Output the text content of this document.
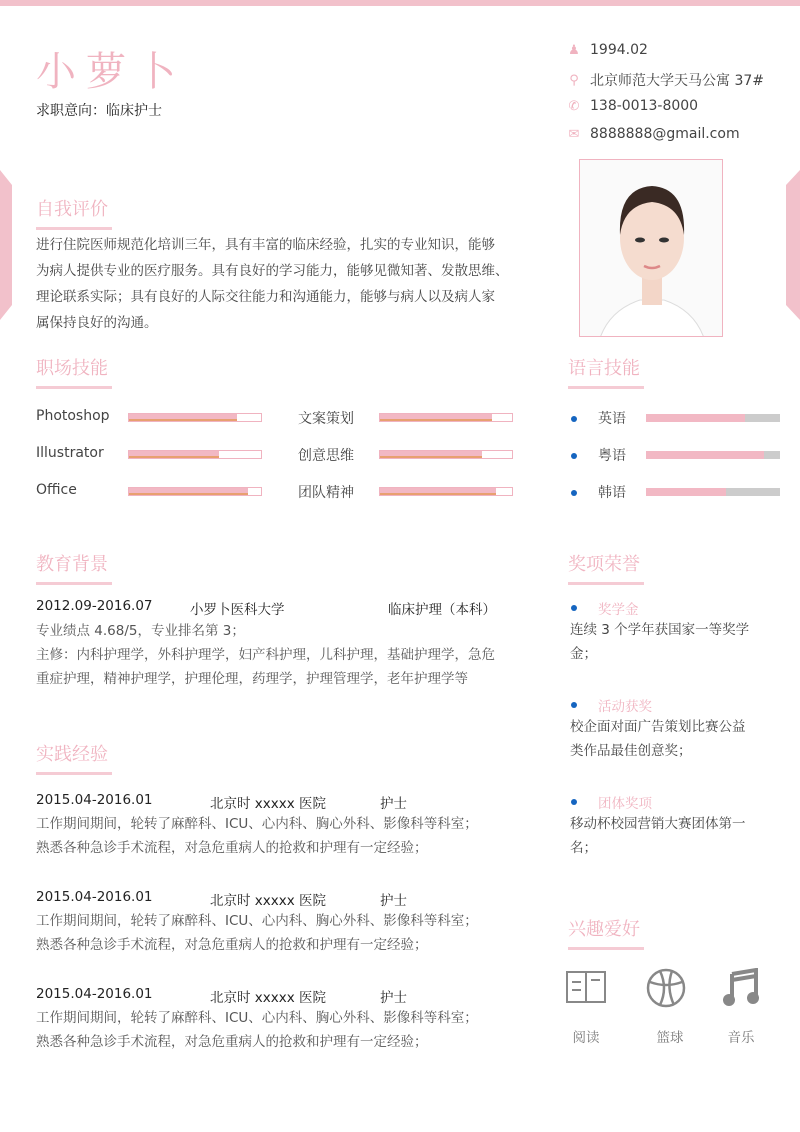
小萝卜
求职意向：临床护士
♟ 1994.02
⚲ 北京师范大学天马公寓 37#
✆ 138-0013-8000
✉ 8888888@gmail.com
自我评价
进行住院医师规范化培训三年，具有丰富的临床经验，扎实的专业知识，能够
为病人提供专业的医疗服务。具有良好的学习能力，能够见微知著、发散思维、
理论联系实际；具有良好的人际交往能力和沟通能力，能够与病人以及病人家
属保持良好的沟通。
职场技能
Photoshop
Illustrator
Office
文案策划
创意思维
团队精神
语言技能
英语
粤语
韩语
教育背景
2012.09-2016.07	小罗卜医科大学	临床护理（本科）
专业绩点 4.68/5，专业排名第 3；
主修：内科护理学，外科护理学，妇产科护理，儿科护理，基础护理学，急危
重症护理，精神护理学，护理伦理，药理学，护理管理学，老年护理学等
实践经验
2015.04-2016.01	北京时 xxxxx 医院	护士
工作期间期间，轮转了麻醉科、ICU、心内科、胸心外科、影像科等科室；
熟悉各种急诊手术流程，对急危重病人的抢救和护理有一定经验；
2015.04-2016.01	北京时 xxxxx 医院	护士
工作期间期间，轮转了麻醉科、ICU、心内科、胸心外科、影像科等科室；
熟悉各种急诊手术流程，对急危重病人的抢救和护理有一定经验；
2015.04-2016.01	北京时 xxxxx 医院	护士
工作期间期间，轮转了麻醉科、ICU、心内科、胸心外科、影像科等科室；
熟悉各种急诊手术流程，对急危重病人的抢救和护理有一定经验；
奖项荣誉
奖学金
连续 3 个学年获国家一等奖学
金；
活动获奖
校企面对面广告策划比赛公益
类作品最佳创意奖；
团体奖项
移动杯校园营销大赛团体第一
名；
兴趣爱好
阅读	篮球	音乐
